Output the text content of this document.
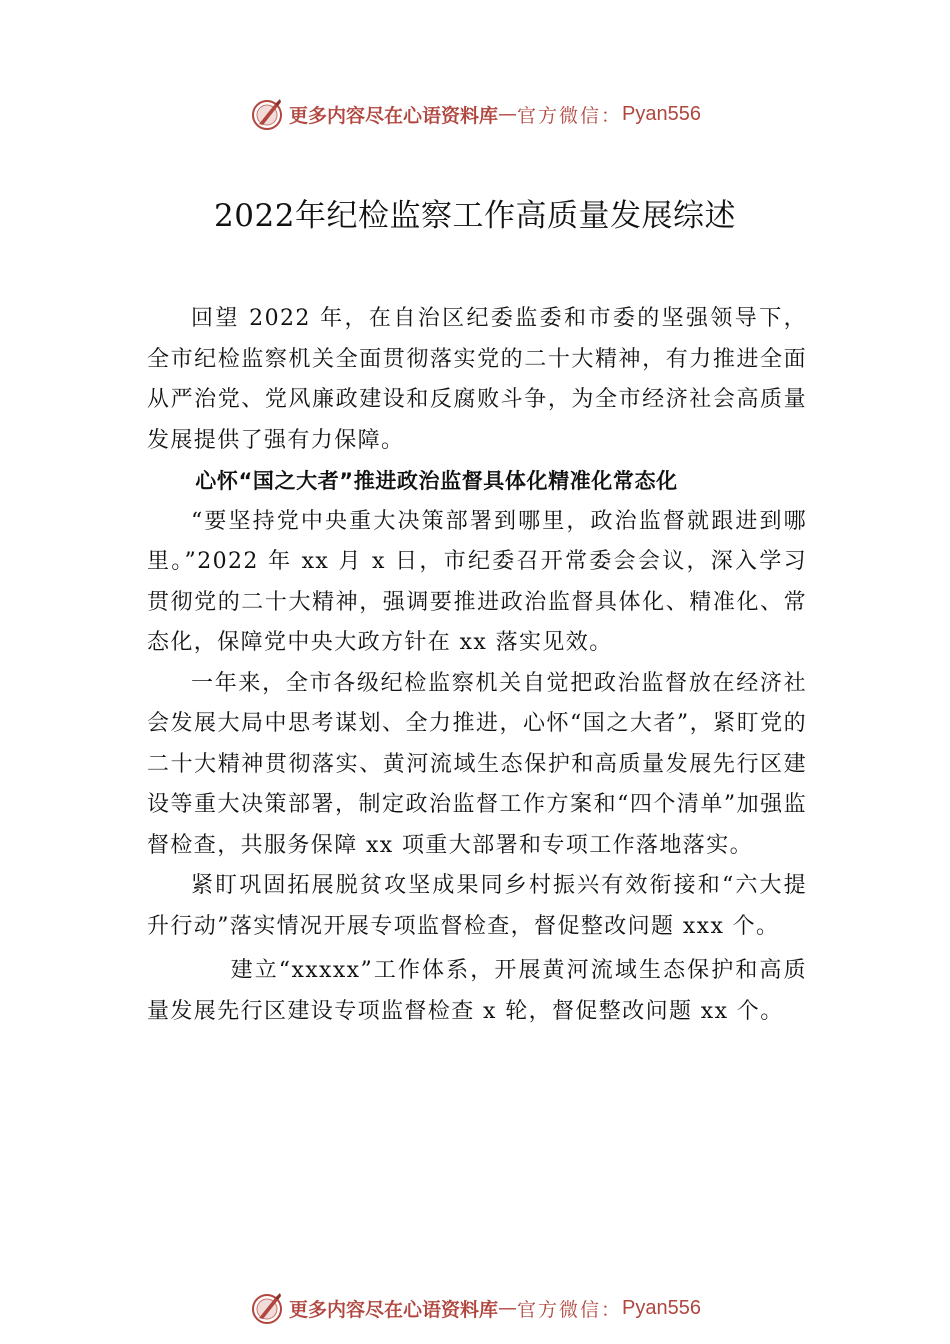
更多内容尽在心语资料库 — 官方微信： Pyan556
2022年纪检监察工作高质量发展综述

回望 2022 年，在自治区纪委监委和市委的坚强领导下，全市纪检监察机关全面贯彻落实党的二十大精神，有力推进全面从严治党、党风廉政建设和反腐败斗争，为全市经济社会高质量发展提供了强有力保障。

心怀“国之大者”推进政治监督具体化精准化常态化

“要坚持党中央重大决策部署到哪里，政治监督就跟进到哪里。”2022 年 xx 月 x 日，市纪委召开常委会会议，深入学习贯彻党的二十大精神，强调要推进政治监督具体化、精准化、常态化，保障党中央大政方针在 xx 落实见效。

一年来，全市各级纪检监察机关自觉把政治监督放在经济社会发展大局中思考谋划、全力推进，心怀“国之大者”，紧盯党的二十大精神贯彻落实、黄河流域生态保护和高质量发展先行区建设等重大决策部署，制定政治监督工作方案和“四个清单”加强监督检查，共服务保障 xx 项重大部署和专项工作落地落实。

紧盯巩固拓展脱贫攻坚成果同乡村振兴有效衔接和“六大提升行动”落实情况开展专项监督检查，督促整改问题 xxx 个。

建立“xxxxx”工作体系，开展黄河流域生态保护和高质量发展先行区建设专项监督检查 x 轮，督促整改问题 xx 个。

更多内容尽在心语资料库 — 官方微信： Pyan556
